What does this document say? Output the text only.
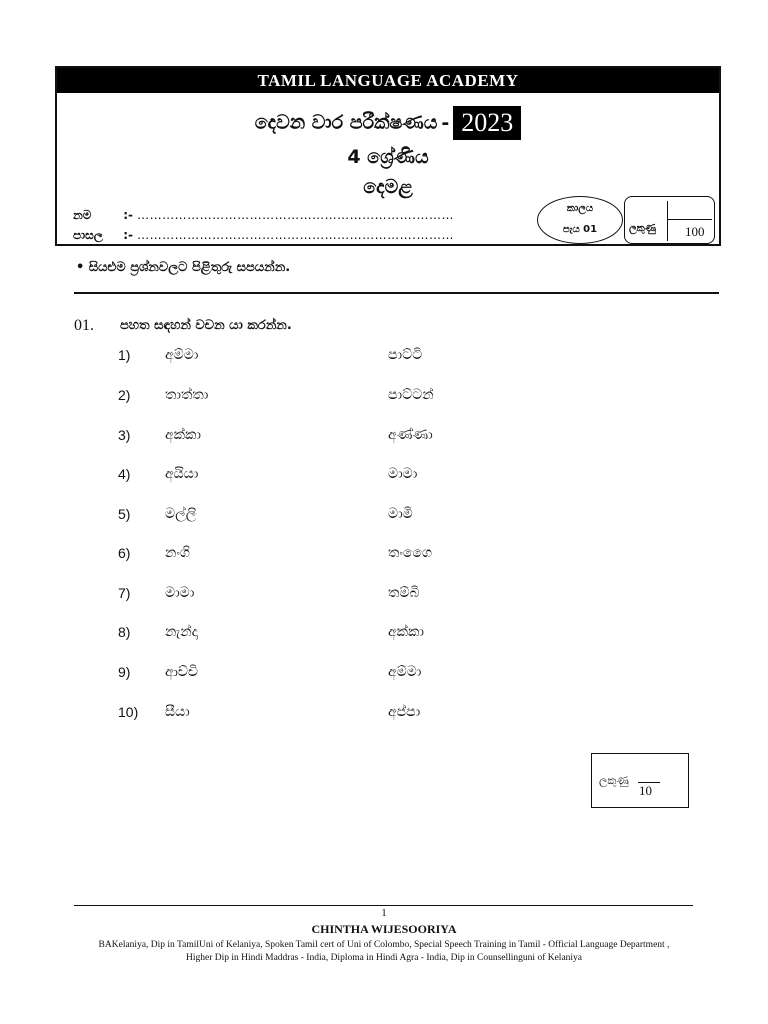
TAMIL LANGUAGE ACADEMY
දෙවන වාර පරීක්ෂණය - 2023
4 ශ්‍රේණිය
දෙමළ
නම	:- ………………………………………………………….………
පාසල :- ………………………………………………………….………
කාලය
පැය 01	ලකුණු 100
• සියළුම ප්‍රශ්නවලට පිළිතුරු සපයන්න.
01. පහත සඳහන් වචන යා කරන්න.
1) අම්මා	පාට්ටි
2) තාත්තා	පාට්ටන්
3) අක්කා	අණ්ණා
4) අයියා	මාමා
5) මල්ලි	මාමි
6) නංගි	තංගෙෙ
7) මාමා	තම්බි
8) නැන්දා	අක්කා
9) ආච්චි	අම්මා
10) සීයා	අප්පා
ලකුණු
10
1
CHINTHA WIJESOORIYA
BAKelaniya, Dip in TamilUni of Kelaniya, Spoken Tamil cert of Uni of Colombo, Special Speech Training in Tamil - Official Language Department ,
Higher Dip in Hindi Maddras - India, Diploma in Hindi Agra - India, Dip in Counsellinguni of Kelaniya
